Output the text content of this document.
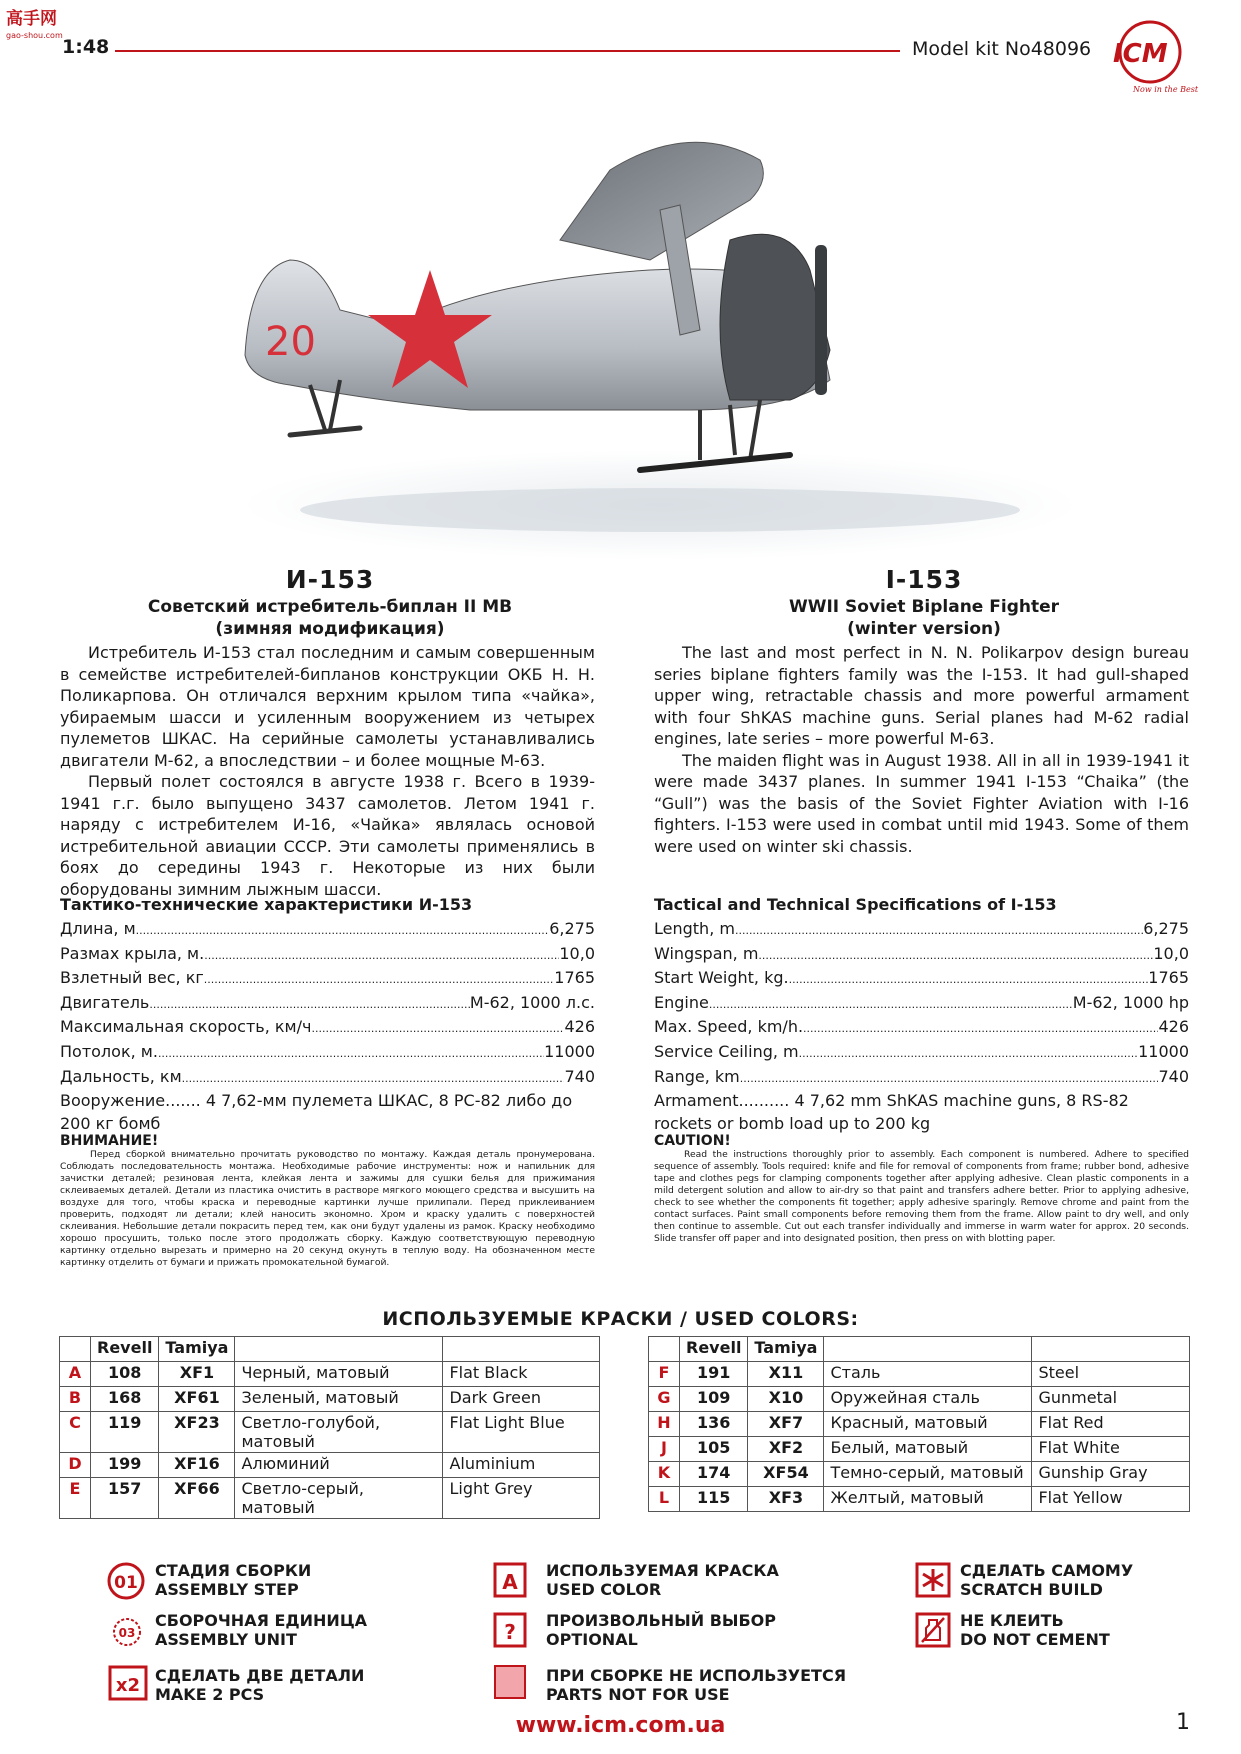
高手网
gao-shou.com
1:48	Model kit No48096 ICM
Now in the Best
20
И-153
Советский истребитель-биплан II МВ
(зимняя модификация)
I-153
WWII Soviet Biplane Fighter
(winter version)

Истребитель И-153 стал последним и самым совершенным в семействе истребителей-бипланов конструкции ОКБ Н. Н. Поликарпова. Он отличался верхним крылом типа «чайка», убираемым шасси и усиленным вооружением из четырех пулеметов ШКАС. На серийные самолеты устанавливались двигатели М-62, а впоследствии – и более мощные М-63.

Первый полет состоялся в августе 1938 г. Всего в 1939-1941 г.г. было выпущено 3437 самолетов. Летом 1941 г. наряду с истребителем И-16, «Чайка» являлась основой истребительной авиации СССР. Эти самолеты применялись в боях до середины 1943 г. Некоторые из них были оборудованы зимним лыжным шасси.

The last and most perfect in N. N. Polikarpov design bureau series biplane fighters family was the I-153. It had gull-shaped upper wing, retractable chassis and more powerful armament with four ShKAS machine guns. Serial planes had M-62 radial engines, late series – more powerful M-63.

The maiden flight was in August 1938. All in all in 1939-1941 it were made 3437 planes. In summer 1941 I-153 “Chaika” (the “Gull”) was the basis of the Soviet Fighter Aviation with I-16 fighters. I-153 were used in combat until mid 1943. Some of them were used on winter ski chassis.

Тактико-технические характеристики И-153
Длина, м .....	6,275
Размах крыла, м. .....	10,0
Взлетный вес, кг .....	1765
Двигатель .....	М-62, 1000 л.с.
Максимальная скорость, км/ч .....	426
Потолок, м. .....	11000
Дальность, км .....	740
Вооружение....... 4 7,62-мм пулемета ШКАС, 8 РС-82 либо до 200 кг бомб
Tactical and Technical Specifications of I-153
Length, m .....	6,275
Wingspan, m .....	10,0
Start Weight, kg. .....	1765
Engine .....	M-62, 1000 hp
Max. Speed, km/h. .....	426
Service Ceiling, m .....	11000
Range, km .....	740
Armament.......... 4 7,62 mm ShKAS machine guns, 8 RS-82 rockets or bomb load up to 200 kg
ВНИМАНИЕ!

Перед сборкой внимательно прочитать руководство по монтажу. Каждая деталь пронумерована. Соблюдать последовательность монтажа. Необходимые рабочие инструменты: нож и напильник для зачистки деталей; резиновая лента, клейкая лента и зажимы для сушки белья для прижимания склеиваемых деталей. Детали из пластика очистить в растворе мягкого моющего средства и высушить на воздухе для того, чтобы краска и переводные картинки лучше прилипали. Перед приклеиванием проверить, подходят ли детали; клей наносить экономно. Хром и краску удалить с поверхностей склеивания. Небольшие детали покрасить перед тем, как они будут удалены из рамок. Краску необходимо хорошо просушить, только после этого продолжать сборку. Каждую соответствующую переводную картинку отдельно вырезать и примерно на 20 секунд окунуть в теплую воду. На обозначенном месте картинку отделить от бумаги и прижать промокательной бумагой.

CAUTION!

Read the instructions thoroughly prior to assembly. Each component is numbered. Adhere to specified sequence of assembly. Tools required: knife and file for removal of components from frame; rubber bond, adhesive tape and clothes pegs for clamping components together after applying adhesive. Clean plastic components in a mild detergent solution and allow to air-dry so that paint and transfers adhere better. Prior to applying adhesive, check to see whether the components fit together; apply adhesive sparingly. Remove chrome and paint from the contact surfaces. Paint small components before removing them from the frame. Allow paint to dry well, and only then continue to assemble. Cut out each transfer individually and immerse in warm water for approx. 20 seconds. Slide transfer off paper and into designated position, then press on with blotting paper.

ИСПОЛЬЗУЕМЫЕ КРАСКИ / USED COLORS:
	Revell	Tamiya		
A	108	XF1	Черный, матовый	Flat Black
B	168	XF61	Зеленый, матовый	Dark Green
C	119	XF23	Светло-голубой, матовый	Flat Light Blue
D	199	XF16	Алюминий	Aluminium
E	157	XF66	Светло-серый, матовый	Light Grey
	Revell	Tamiya		
F	191	X11	Сталь	Steel
G	109	X10	Оружейная сталь	Gunmetal
H	136	XF7	Красный, матовый	Flat Red
J	105	XF2	Белый, матовый	Flat White
K	174	XF54	Темно-серый, матовый	Gunship Gray
L	115	XF3	Желтый, матовый	Flat Yellow
01
СТАДИЯ СБОРКИ
ASSEMBLY STEP
03
СБОРОЧНАЯ ЕДИНИЦА
ASSEMBLY UNIT
x2 СДЕЛАТЬ ДВЕ ДЕТАЛИ
MAKE 2 PCS
A ИСПОЛЬЗУЕМАЯ КРАСКА
USED COLOR
? ПРОИЗВОЛЬНЫЙ ВЫБОР
OPTIONAL
ПРИ СБОРКЕ НЕ ИСПОЛЬЗУЕТСЯ
PARTS NOT FOR USE
СДЕЛАТЬ САМОМУ
SCRATCH BUILD
НЕ КЛЕИТЬ
DO NOT CEMENT
www.icm.com.ua	1
